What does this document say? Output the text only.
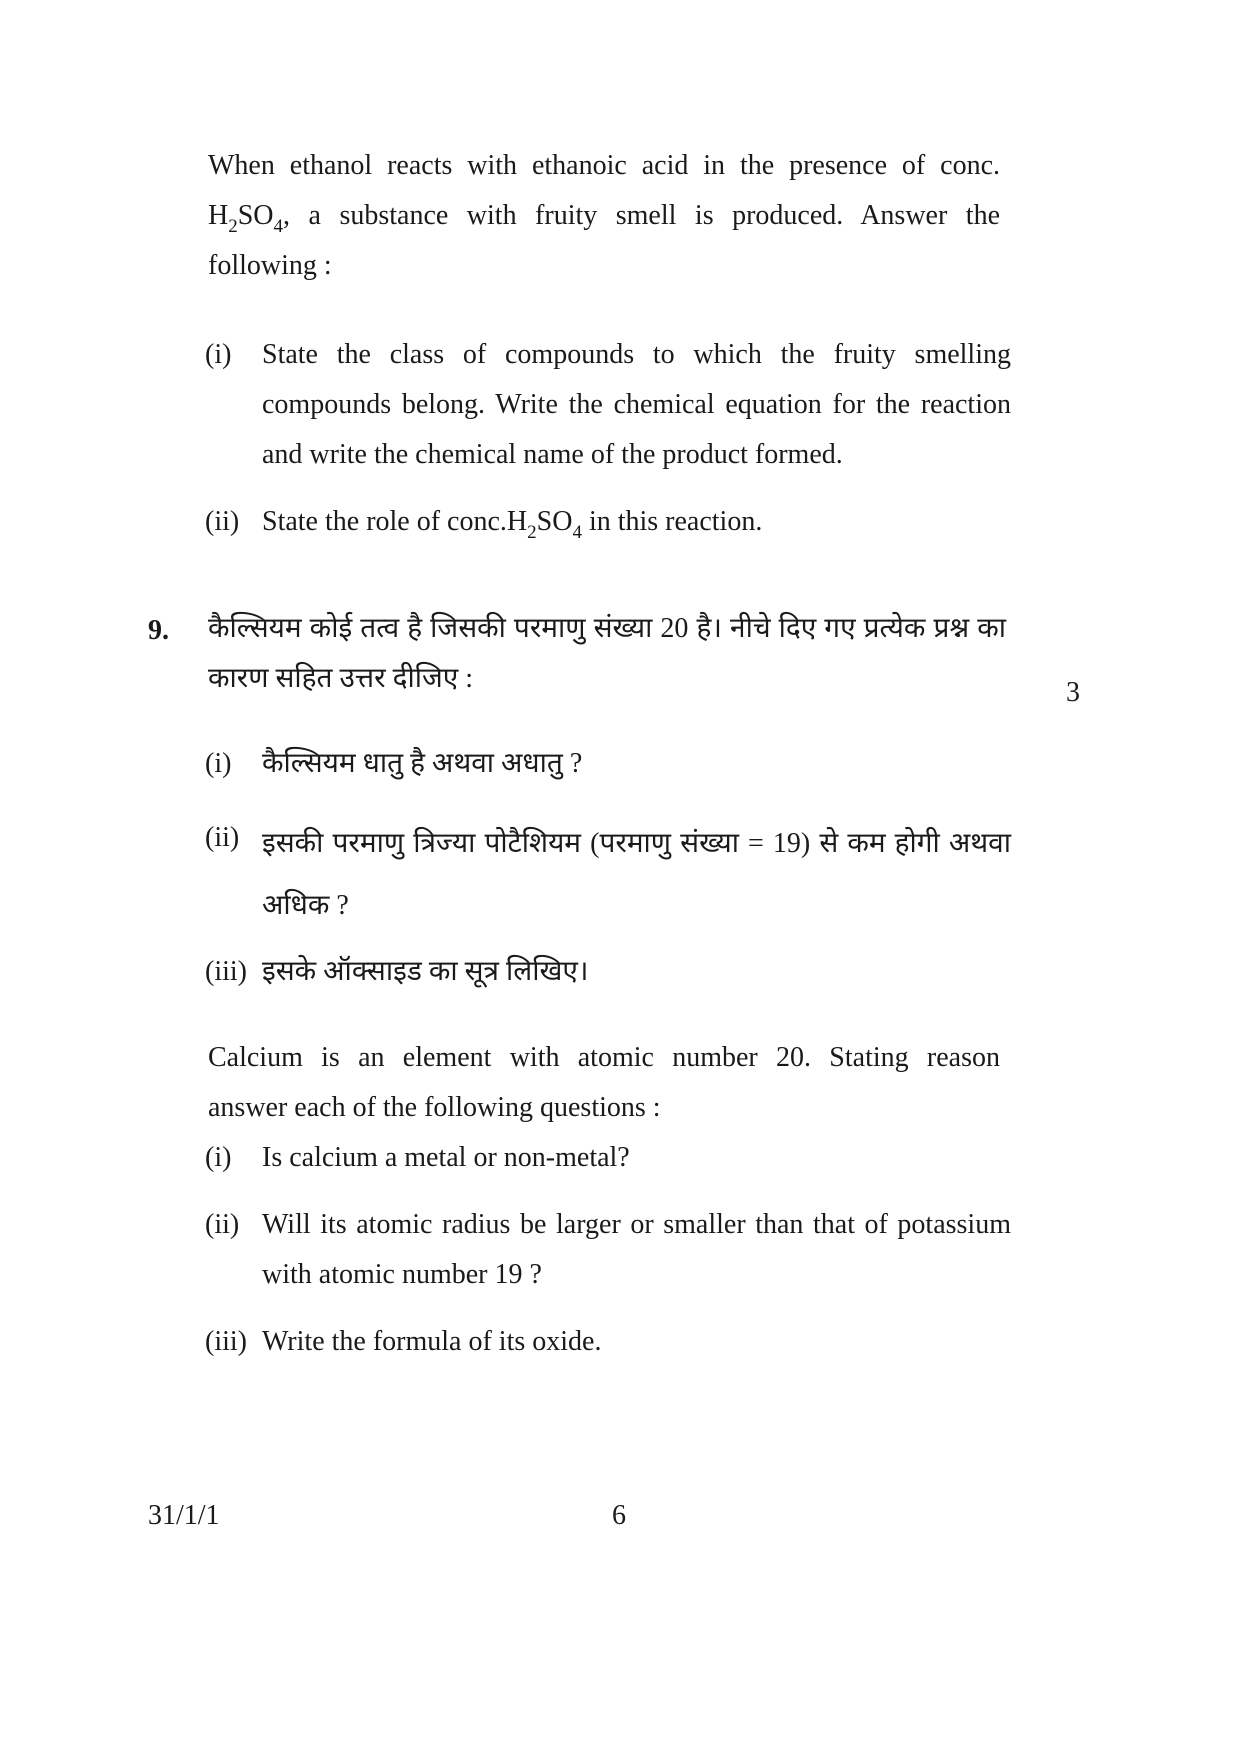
When ethanol reacts with ethanoic acid in the presence of conc.
$H_2SO_4$, a substance with fruity smell is produced. Answer the
following :
(i) State the class of compounds to which the fruity smelling
compounds belong. Write the chemical equation for the reaction
and write the chemical name of the product formed.
(ii) State the role of $conc.H_2SO_4$ in this reaction.
9. कैल्सियम कोई तत्व है जिसकी परमाणु संख्या 20 है। नीचे दिए गए प्रत्येक प्रश्न का
कारण सहित उत्तर दीजिए :	3
(i) कैल्सियम धातु है अथवा अधातु ?
(ii) इसकी परमाणु त्रिज्या पोटैशियम (परमाणु संख्या = 19) से कम होगी अथवा
अधिक ?
(iii) इसके ऑक्साइड का सूत्र लिखिए।
Calcium is an element with atomic number 20. Stating reason
answer each of the following questions :
(i) Is calcium a metal or non-metal?
(ii) Will its atomic radius be larger or smaller than that of potassium
with atomic number 19 ?
(iii) Write the formula of its oxide.
31/1/1	6
